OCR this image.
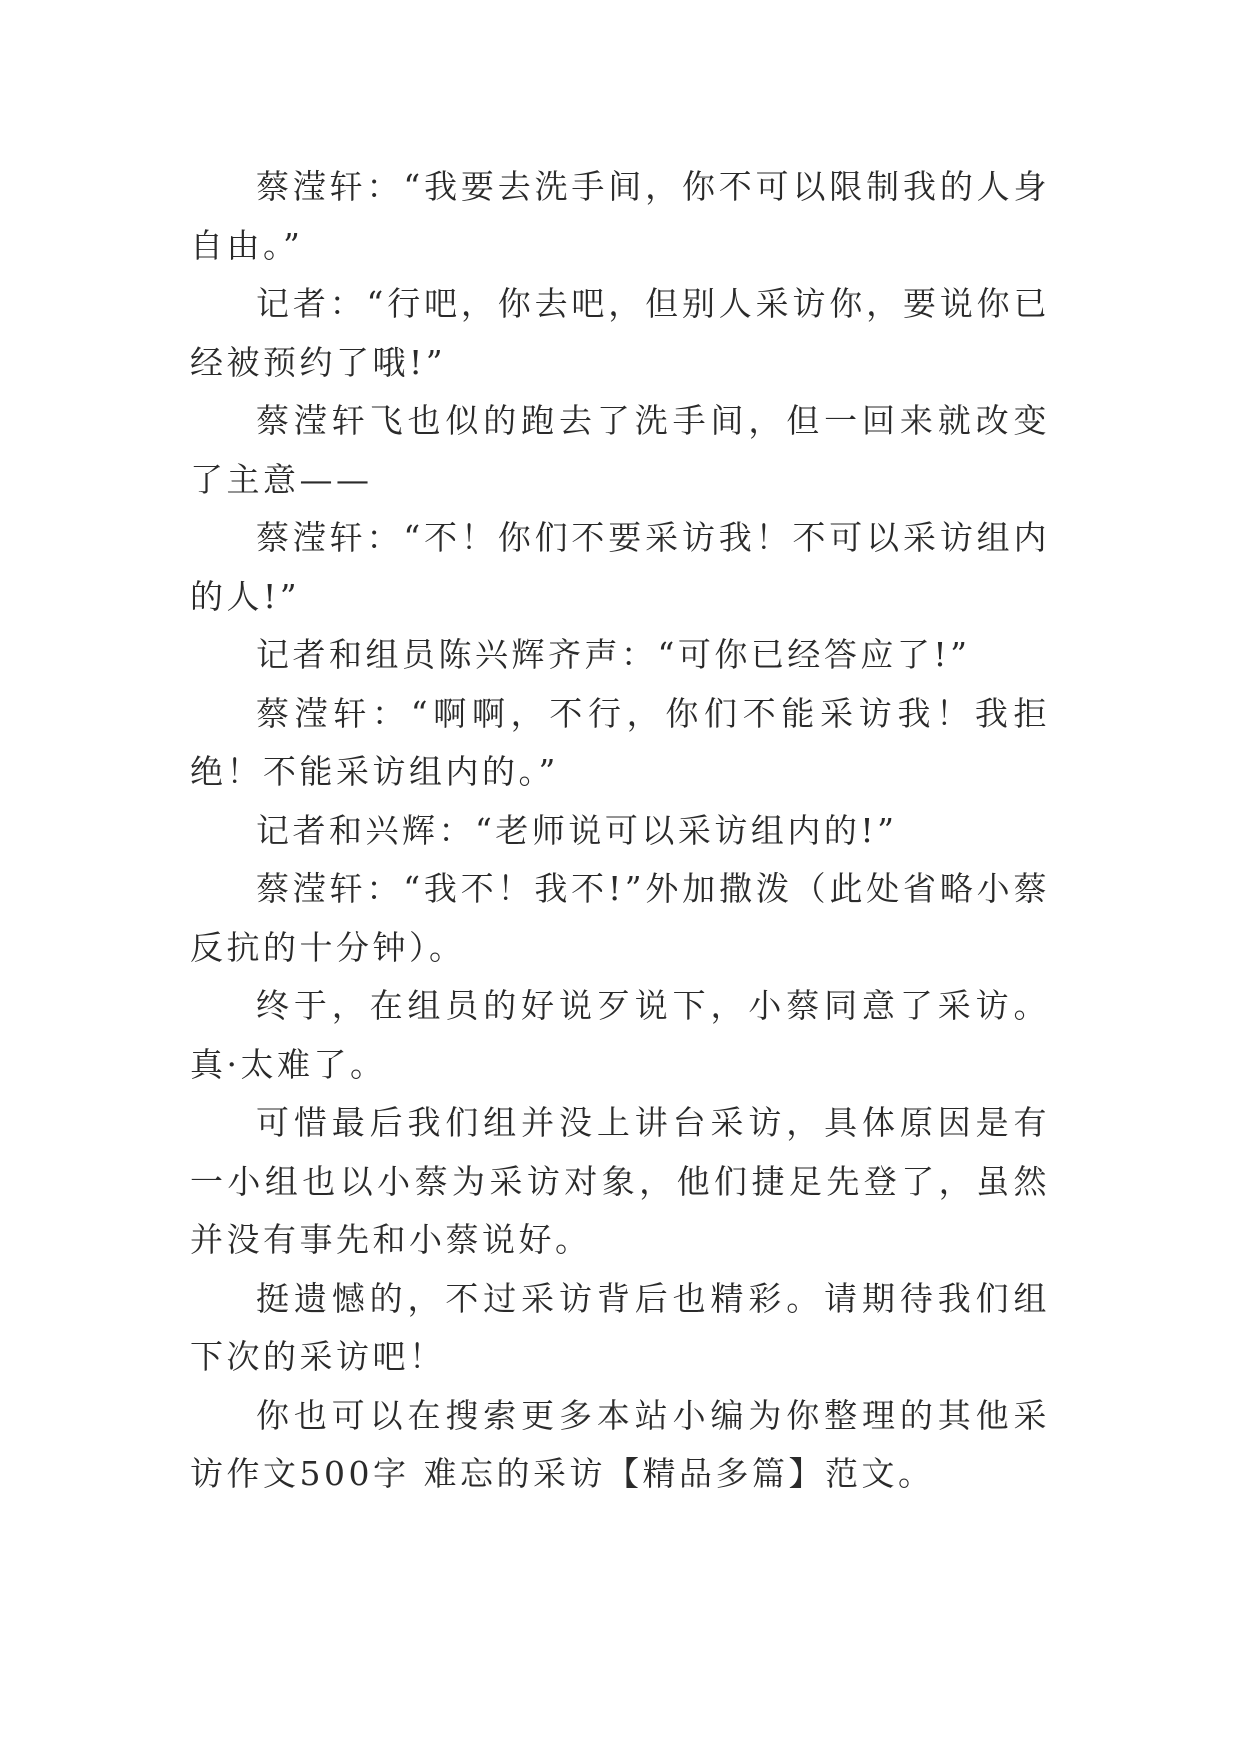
蔡滢轩：“我要去洗手间，你不可以限制我的人身自由。”

记者：“行吧，你去吧，但别人采访你，要说你已经被预约了哦!”

蔡滢轩飞也似的跑去了洗手间，但一回来就改变了主意——

蔡滢轩：“不！你们不要采访我！不可以采访组内的人!”

记者和组员陈兴辉齐声：“可你已经答应了!”

蔡滢轩：“啊啊，不行，你们不能采访我！我拒绝！不能采访组内的。”

记者和兴辉：“老师说可以采访组内的!”

蔡滢轩：“我不！我不!”外加撒泼（此处省略小蔡反抗的十分钟）。

终于，在组员的好说歹说下，小蔡同意了采访。真·太难了。

可惜最后我们组并没上讲台采访，具体原因是有一小组也以小蔡为采访对象，他们捷足先登了，虽然并没有事先和小蔡说好。

挺遗憾的，不过采访背后也精彩。请期待我们组下次的采访吧！

你也可以在搜索更多本站小编为你整理的其他采访作文500字 难忘的采访【精品多篇】范文。
